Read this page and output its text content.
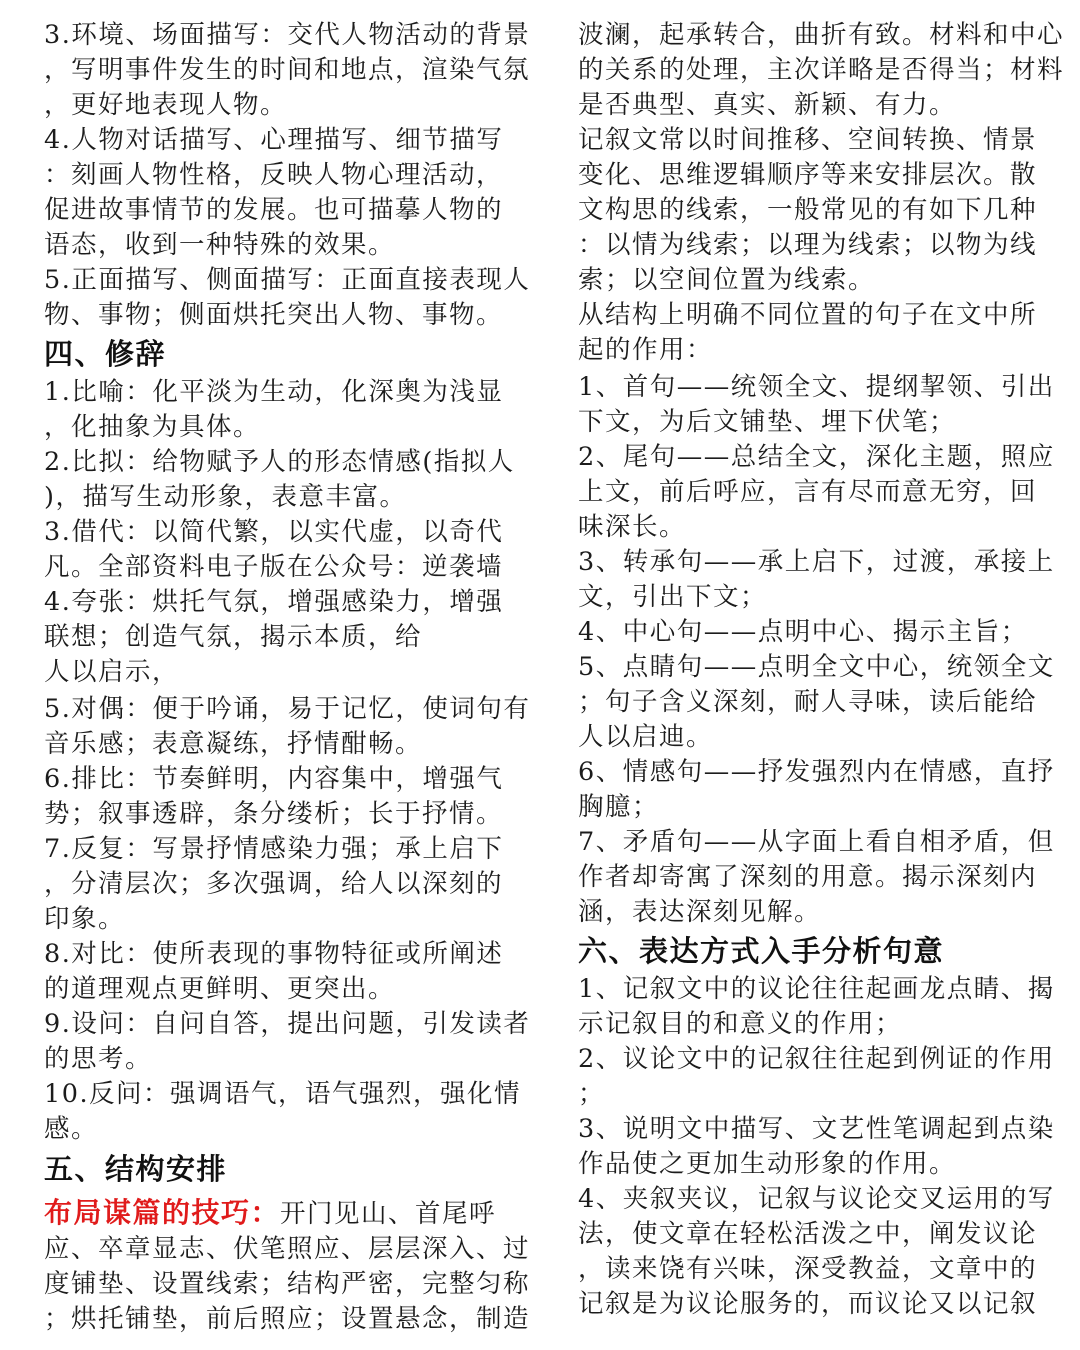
3.环境、场面描写：交代人物活动的背景
，写明事件发生的时间和地点，渲染气氛
，更好地表现人物。
4.人物对话描写、心理描写、细节描写
：刻画人物性格，反映人物心理活动，
促进故事情节的发展。也可描摹人物的
语态，收到一种特殊的效果。
5.正面描写、侧面描写：正面直接表现人
物、事物；侧面烘托突出人物、事物。
四、修辞
1.比喻：化平淡为生动，化深奥为浅显
，化抽象为具体。
2.比拟：给物赋予人的形态情感(指拟人
)，描写生动形象，表意丰富。
3.借代：以简代繁，以实代虚，以奇代
凡。全部资料电子版在公众号：逆袭墙
4.夸张：烘托气氛，增强感染力，增强
联想；创造气氛，揭示本质，给
人以启示，
5.对偶：便于吟诵，易于记忆，使词句有
音乐感；表意凝练，抒情酣畅。
6.排比：节奏鲜明，内容集中，增强气
势；叙事透辟，条分缕析；长于抒情。
7.反复：写景抒情感染力强；承上启下
，分清层次；多次强调，给人以深刻的
印象。
8.对比：使所表现的事物特征或所阐述
的道理观点更鲜明、更突出。
9.设问：自问自答，提出问题，引发读者
的思考。
10.反问：强调语气，语气强烈，强化情
感。
五、结构安排
布局谋篇的技巧：开门见山、首尾呼
应、卒章显志、伏笔照应、层层深入、过
度铺垫、设置线索；结构严密，完整匀称
；烘托铺垫，前后照应；设置悬念，制造
波澜，起承转合，曲折有致。材料和中心
的关系的处理，主次详略是否得当；材料
是否典型、真实、新颖、有力。
记叙文常以时间推移、空间转换、情景
变化、思维逻辑顺序等来安排层次。散
文构思的线索，一般常见的有如下几种
：以情为线索；以理为线索；以物为线
索；以空间位置为线索。
从结构上明确不同位置的句子在文中所
起的作用：
1、首句——统领全文、提纲挈领、引出
下文，为后文铺垫、埋下伏笔；
2、尾句——总结全文，深化主题，照应
上文，前后呼应，言有尽而意无穷，回
味深长。
3、转承句——承上启下，过渡，承接上
文，引出下文；
4、中心句——点明中心、揭示主旨；
5、点睛句——点明全文中心，统领全文
；句子含义深刻，耐人寻味，读后能给
人以启迪。
6、情感句——抒发强烈内在情感，直抒
胸臆；
7、矛盾句——从字面上看自相矛盾，但
作者却寄寓了深刻的用意。揭示深刻内
涵，表达深刻见解。
六、表达方式入手分析句意
1、记叙文中的议论往往起画龙点睛、揭
示记叙目的和意义的作用；
2、议论文中的记叙往往起到例证的作用
；
3、说明文中描写、文艺性笔调起到点染
作品使之更加生动形象的作用。
4、夹叙夹议，记叙与议论交叉运用的写
法，使文章在轻松活泼之中，阐发议论
，读来饶有兴味，深受教益，文章中的
记叙是为议论服务的，而议论又以记叙
